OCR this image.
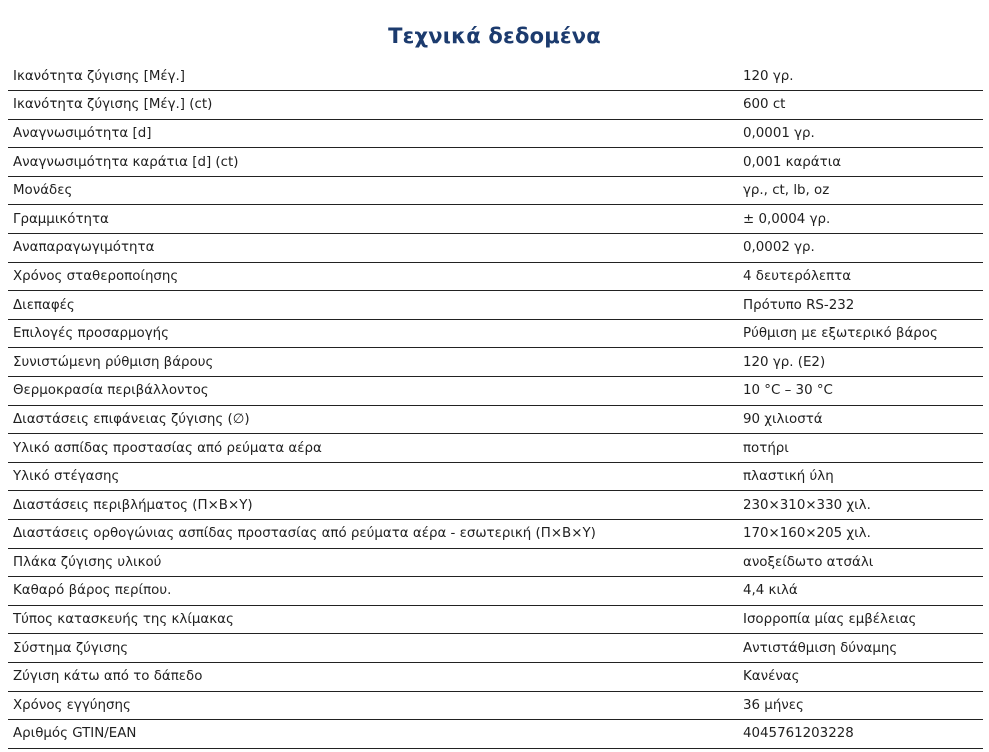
Τεχνικά δεδομένα
Ικανότητα ζύγισης [Μέγ.]	120 γρ.
Ικανότητα ζύγισης [Μέγ.] (ct)	600 ct
Αναγνωσιμότητα [d]	0,0001 γρ.
Αναγνωσιμότητα καράτια [d] (ct)	0,001 καράτια
Μονάδες	γρ., ct, lb, oz
Γραμμικότητα	± 0,0004 γρ.
Αναπαραγωγιμότητα	0,0002 γρ.
Χρόνος σταθεροποίησης	4 δευτερόλεπτα
Διεπαφές	Πρότυπο RS-232
Επιλογές προσαρμογής	Ρύθμιση με εξωτερικό βάρος
Συνιστώμενη ρύθμιση βάρους	120 γρ. (E2)
Θερμοκρασία περιβάλλοντος	10 °C – 30 °C
Διαστάσεις επιφάνειας ζύγισης (∅)	90 χιλιοστά
Υλικό ασπίδας προστασίας από ρεύματα αέρα	ποτήρι
Υλικό στέγασης	πλαστική ύλη
Διαστάσεις περιβλήματος (Π×Β×Υ)	230×310×330 χιλ.
Διαστάσεις ορθογώνιας ασπίδας προστασίας από ρεύματα αέρα - εσωτερική (Π×Β×Υ)	170×160×205 χιλ.
Πλάκα ζύγισης υλικού	ανοξείδωτο ατσάλι
Καθαρό βάρος περίπου.	4,4 κιλά
Τύπος κατασκευής της κλίμακας	Ισορροπία μίας εμβέλειας
Σύστημα ζύγισης	Αντιστάθμιση δύναμης
Ζύγιση κάτω από το δάπεδο	Κανένας
Χρόνος εγγύησης	36 μήνες
Αριθμός GTIN/EAN	4045761203228
